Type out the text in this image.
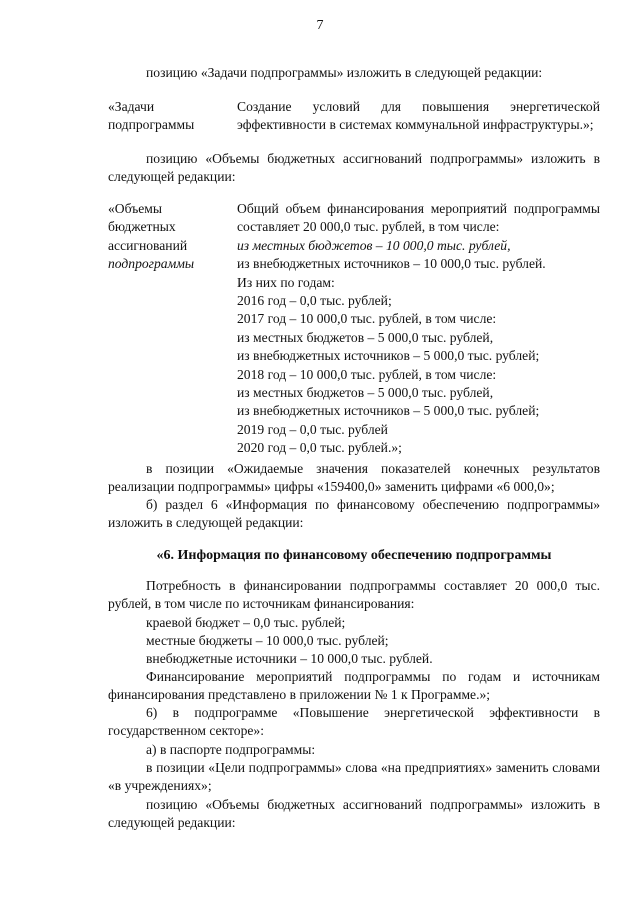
7
позицию «Задачи подпрограммы» изложить в следующей редакции:
«Задачи подпрограммы
Создание условий для повышения энергетической эффективности в системах коммунальной инфраструктуры.»;
позицию «Объемы бюджетных ассигнований подпрограммы» изложить в следующей редакции:
«Объемы бюджетных ассигнований
подпрограммы
Общий объем финансирования мероприятий подпрограммы составляет 20 000,0 тыс. рублей, в том числе:
из местных бюджетов – 10 000,0 тыс. рублей,
из внебюджетных источников – 10 000,0 тыс. рублей.
Из них по годам:
2016 год – 0,0 тыс. рублей;
2017 год – 10 000,0 тыс. рублей, в том числе:
из местных бюджетов – 5 000,0 тыс. рублей,
из внебюджетных источников – 5 000,0 тыс. рублей;
2018 год – 10 000,0 тыс. рублей, в том числе:
из местных бюджетов – 5 000,0 тыс. рублей,
из внебюджетных источников – 5 000,0 тыс. рублей;
2019 год – 0,0 тыс. рублей
2020 год – 0,0 тыс. рублей.»;
в позиции «Ожидаемые значения показателей конечных результатов реализации подпрограммы» цифры «159400,0» заменить цифрами «6 000,0»;
б) раздел 6 «Информация по финансовому обеспечению подпрограммы» изложить в следующей редакции:
«6. Информация по финансовому обеспечению подпрограммы
Потребность в финансировании подпрограммы составляет 20 000,0 тыс. рублей, в том числе по источникам финансирования:
краевой бюджет – 0,0 тыс. рублей;
местные бюджеты – 10 000,0 тыс. рублей;
внебюджетные источники – 10 000,0 тыс. рублей.
Финансирование мероприятий подпрограммы по годам и источникам финансирования представлено в приложении № 1 к Программе.»;
6) в подпрограмме «Повышение энергетической эффективности в государственном секторе»:
а) в паспорте подпрограммы:
в позиции «Цели подпрограммы» слова «на предприятиях» заменить словами «в учреждениях»;
позицию «Объемы бюджетных ассигнований подпрограммы» изложить в следующей редакции:
